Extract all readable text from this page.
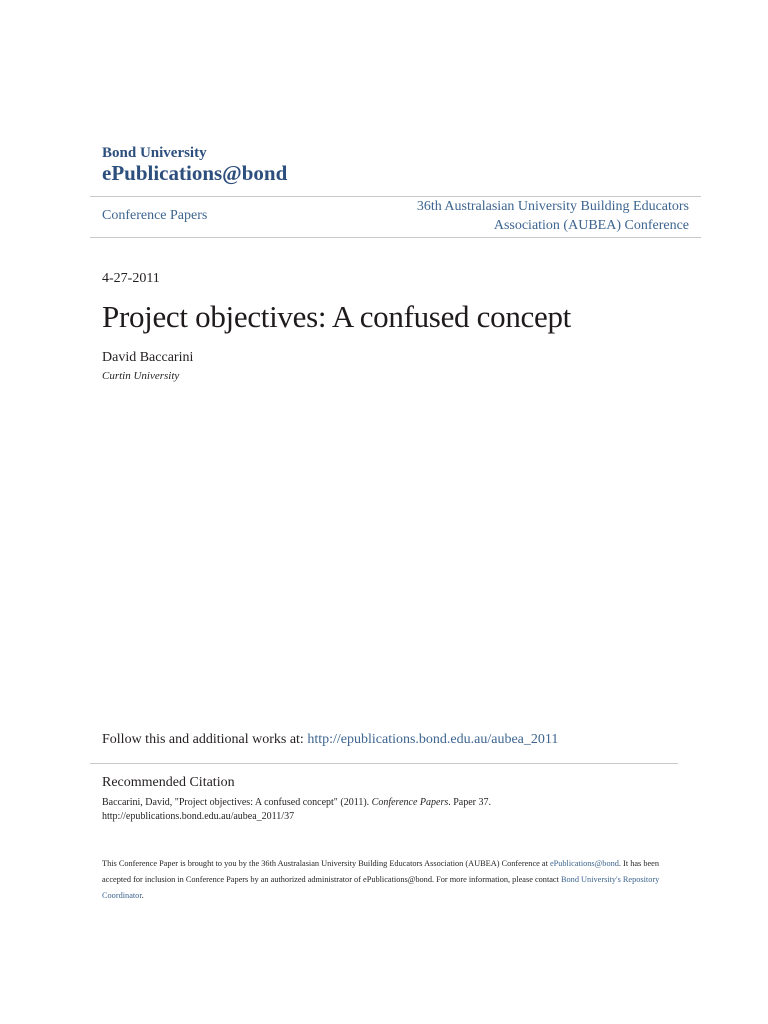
Bond University
ePublications@bond
Conference Papers
36th Australasian University Building Educators
Association (AUBEA) Conference
4-27-2011
Project objectives: A confused concept
David Baccarini
Curtin University
Follow this and additional works at: http://epublications.bond.edu.au/aubea_2011
Recommended Citation
Baccarini, David, "Project objectives: A confused concept" (2011). Conference Papers. Paper 37.
http://epublications.bond.edu.au/aubea_2011/37
This Conference Paper is brought to you by the 36th Australasian University Building Educators Association (AUBEA) Conference at ePublications@bond. It has been accepted for inclusion in Conference Papers by an authorized administrator of ePublications@bond. For more information, please contact Bond University's Repository Coordinator.
